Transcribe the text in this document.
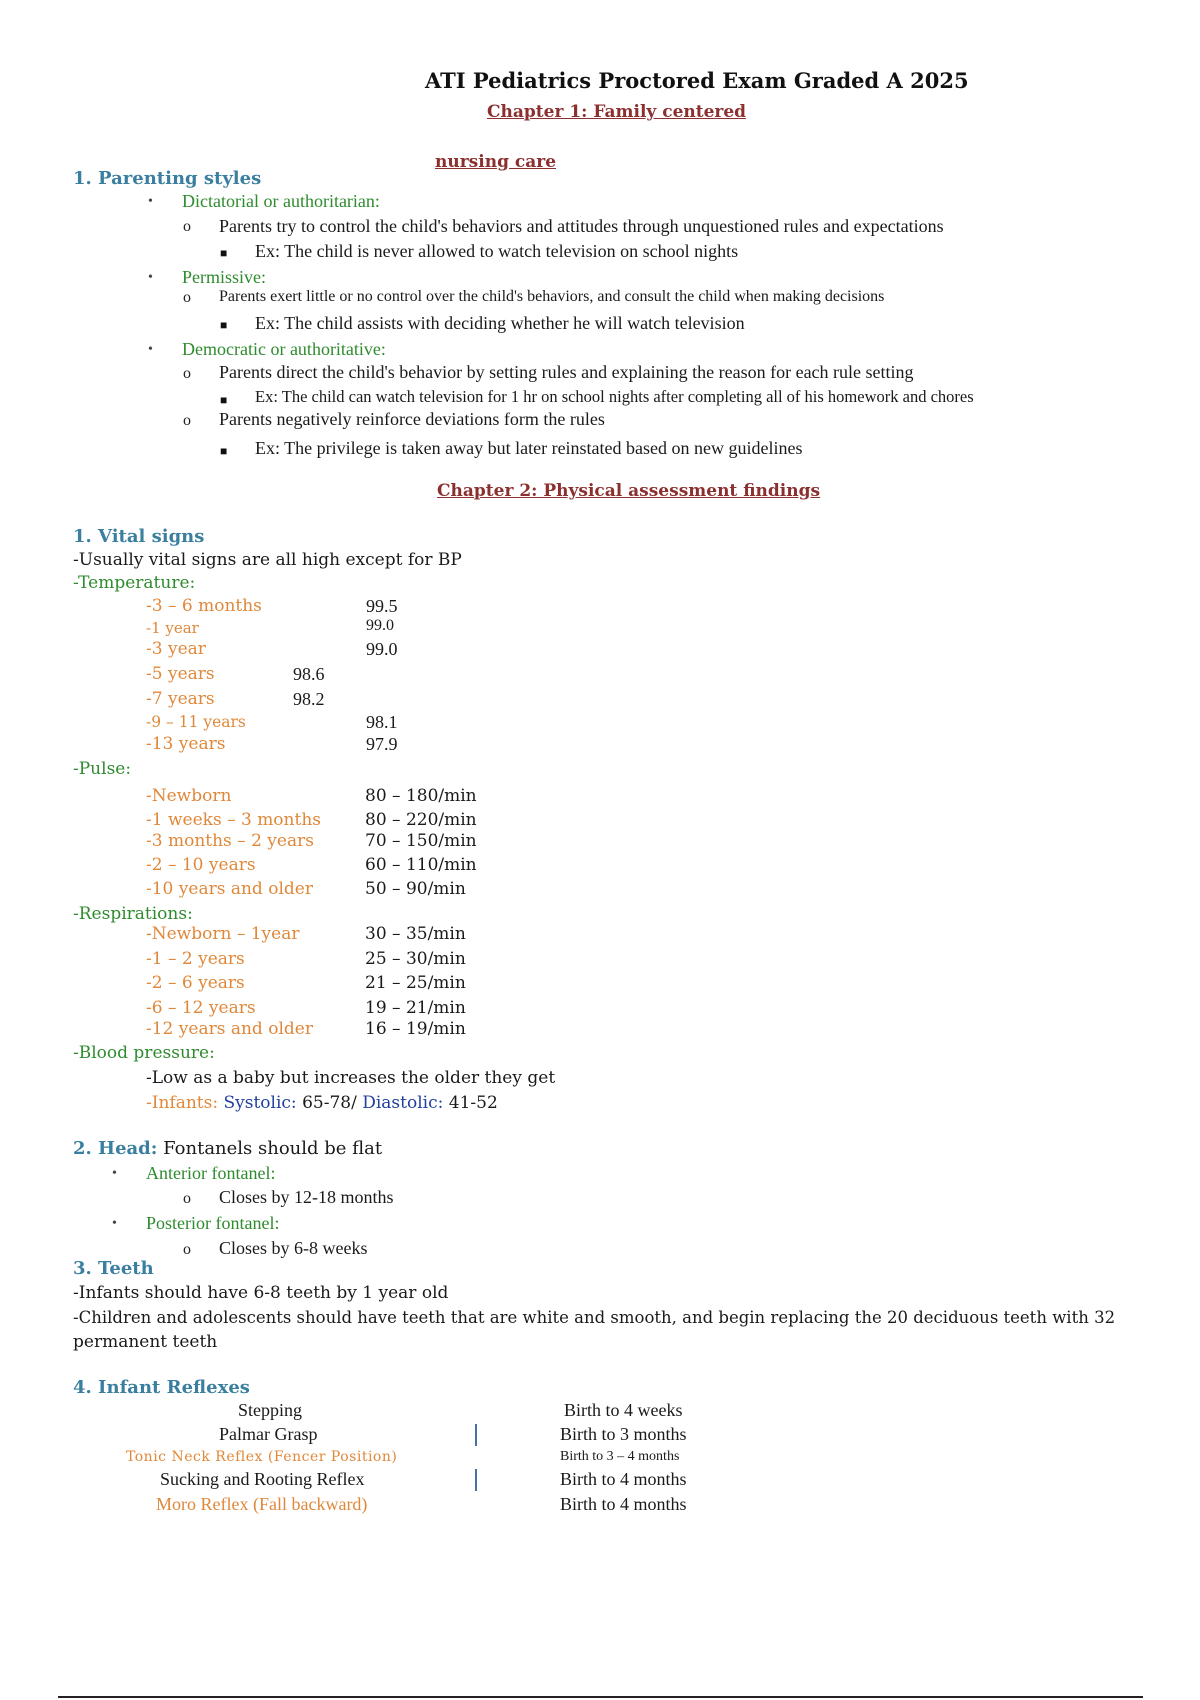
ATI Pediatrics Proctored Exam Graded A 2025
Chapter 1: Family centered
nursing care
1. Parenting styles
• Dictatorial or authoritarian:
o Parents try to control the child's behaviors and attitudes through unquestioned rules and expectations
■ Ex: The child is never allowed to watch television on school nights
• Permissive:
o Parents exert little or no control over the child's behaviors, and consult the child when making decisions
■ Ex: The child assists with deciding whether he will watch television
• Democratic or authoritative:
o Parents direct the child's behavior by setting rules and explaining the reason for each rule setting
■ Ex: The child can watch television for 1 hr on school nights after completing all of his homework and chores
o Parents negatively reinforce deviations form the rules
■ Ex: The privilege is taken away but later reinstated based on new guidelines
Chapter 2: Physical assessment findings
1. Vital signs
-Usually vital signs are all high except for BP
-Temperature:
-3 – 6 months	99.5
-1 year	99.0
-3 year	99.0
-5 years	98.6
-7 years	98.2
-9 – 11 years	98.1
-13 years	97.9
-Pulse:
-Newborn	80 – 180/min
-1 weeks – 3 months	80 – 220/min
-3 months – 2 years	70 – 150/min
-2 – 10 years	60 – 110/min
-10 years and older	50 – 90/min
-Respirations:
-Newborn – 1year	30 – 35/min
-1 – 2 years	25 – 30/min
-2 – 6 years	21 – 25/min
-6 – 12 years	19 – 21/min
-12 years and older	16 – 19/min
-Blood pressure:
-Low as a baby but increases the older they get
-Infants: Systolic: 65-78/ Diastolic: 41-52
2. Head: Fontanels should be flat
• Anterior fontanel:
o Closes by 12-18 months
• Posterior fontanel:
o Closes by 6-8 weeks
3. Teeth
-Infants should have 6-8 teeth by 1 year old
-Children and adolescents should have teeth that are white and smooth, and begin replacing the 20 deciduous teeth with 32
permanent teeth
4. Infant Reflexes
Stepping	Birth to 4 weeks
Palmar Grasp	Birth to 3 months
Tonic Neck Reflex (Fencer Position)	Birth to 3 – 4 months
Sucking and Rooting Reflex	Birth to 4 months
Moro Reflex (Fall backward)	Birth to 4 months
